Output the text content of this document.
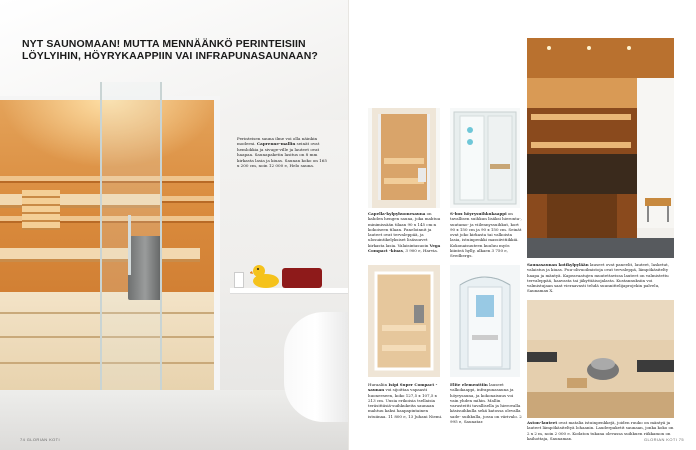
NYT SAUNOMAAN! MUTTA MENNÄÄNKÖ PERINTEISIIN LÖYLYIHIN, HÖYRYKAAPPIIN VAI INFRAPUNASAUNAAN?

Perinteisen sauna ilme voi olla näinkin moderni. Caprenne-mallin seinät ovat hemlokkia ja sivuge-ville ja lauteet ovat haapaa. Saunapaketin lasitus on 8 mm kirkasta lasia ja kiuas. Saunan koko on 165 x 200 cm, noin 12 000 e, Helo sauna.

74 GLORIAN KOTI

Capella-kylpyhuonesauna on kahden hengen sauna, joka mahtuu minimissään tilaan 90 x 145 cm:n kokoiseen tilaan. Paneloinnit ja lauteet ovat tervaleppää, ja ulosuintikelyksiset lisäsuuvet kirkasta lasia. Valaisintasuoin Vega Compact -kiuas, 3 900 e, Harvia.

S-box höyrysuihkukaappi on tavallisen suihkun lisäksi hieronta-, suutamo- ja viilennyssuihkut, kort 90 x 150 cm ja 90 x 150 cm. Seinät ovat joko kirkasta tai valkoista lasia, istuinpenkki massiivitiikkiä. Kokonaisuuteen kuuluu myös kiinteä hylly, alkaen 3 750 e, Svedbergs.

Huraaliin Isipi Super Compact -saunan voi sijoittaa vapaasti huoneeseen, koko 127,5 x 107,5 x 213 cm. Uusia erikoisia tsellaisia teräsittäsiä-suihkukeita saunaan mahtuu kaksi haapapintainen istuiinaa. 11 800 e, 13 Juhani Niemi.

Elite elementtiin lauseet valkokaappi, infrapunasauna ja höyrysauna, ja kokonaisuus voi vain yhden mihin. Mallin varusteitti tavallisella ja hierovalla käsisuihkulla sekä katossa olevalla sade- suihkulla, jossa on värivalo. 2 995 e, Saunatar.

Saunasaunan kotikylpylään lauseet ovat paneelit, lauteet, lasketut, valaistus ja kiuas. Puu-olivuoilmistoja ovat tervaleppä, lämpökäsitelty haapa ja mäntyä. Kapeavaatujen muutettavissa lauteet on valmistettu tervaleppää, haavasta tai jäkyttiäisojalasta. Kustannuksiin voi valmistujaan saat vieraavasti tehdä suunnittelijaprojekin palvelu, Saunamax X.

Aston-lauteet ovat matalia istuinpenkkejä, joiden ruuko on mäntyä ja lauteet lämpökäsiteltyä lohaanin. Lauderpaketit saunaan, jonka koko on 2 x 2 m, noin 2 000 e. Kodaton tukana olevassa suihkuen riikkamon on kaihottaja, Saunamax.	GLORIAN KOTI 75
